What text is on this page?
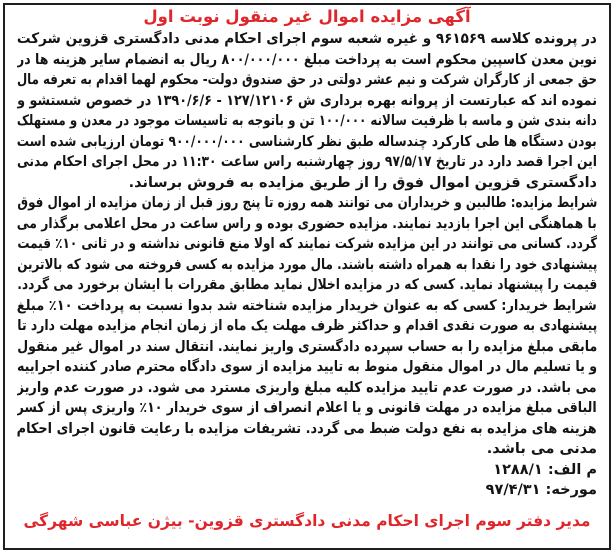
آگهی مزایده اموال غیر منقول نوبت اول
در پرونده کلاسه ۹۶۱۵۶۹ و غیره شعبه سوم اجرای احکام مدنی دادگستری قزوین شرکت
نوین معدن کاسپین محکوم است به پرداخت مبلغ ۸۰۰/۰۰۰/۰۰۰ ریال به انضمام سایر هزینه ها در
حق جمعی از کارگران شرکت و نیم عشر دولتی در حق صندوق دولت- محکوم لهما اقدام به تعرفه مال
نموده اند که عبارتست از پروانه بهره برداری ش ۱۲۷/۱۲۱۰۶ - ۱۳۹۰/۶/۶ در خصوص شستشو و
دانه بندی شن و ماسه با ظرفیت سالانه ۱۰۰/۰۰۰ تن و باتوجه به تاسیسات موجود در معدن و مستهلک
بودن دستگاه ها طی کارکرد چندساله طبق نظر کارشناسی ۹۰۰/۰۰۰/۰۰۰ تومان ارزیابی شده است
این اجرا قصد دارد در تاریخ ۹۷/۵/۱۷ روز چهارشنبه راس ساعت ۱۱:۳۰ در محل اجرای احکام مدنی
دادگستری قزوین اموال فوق را از طریق مزایده به فروش برساند.
شرایط مزایده: طالبین و خریداران می توانند همه روزه تا پنج روز قبل از زمان مزایده از اموال فوق
با هماهنگی این اجرا بازدید نمایند. مزایده حضوری بوده و راس ساعت در محل اعلامی برگذار می
گردد. کسانی می توانند در این مزایده شرکت نمایند که اولا منع قانونی نداشته و در ثانی ۱۰٪ قیمت
پیشنهادی خود را نقدا به همراه داشته باشند. مال مورد مزایده به کسی فروخته می شود که بالاترین
قیمت را پیشنهاد نماید. کسی که در مزایده اخلال نماید مطابق مقررات با ایشان برخورد می گردد.
شرایط خریدار: کسی که به عنوان خریدار مزایده شناخته شد بدوا نسبت به پرداخت ۱۰٪ مبلغ
پیشنهادی به صورت نقدی اقدام و حداکثر ظرف مهلت یک ماه از زمان انجام مزایده مهلت دارد تا
مابقی مبلغ مزایده را به حساب سپرده دادگستری واریز نمایند. انتقال سند در اموال غیر منقول
و یا تسلیم مال در اموال منقول منوط به تایید مزایده از سوی دادگاه محترم صادر کننده اجراییه
می باشد. در صورت عدم تایید مزایده کلیه مبلغ واریزی مسترد می شود. در صورت عدم واریز
الباقی مبلغ مزایده در مهلت قانونی و یا اعلام انصراف از سوی خریدار ۱۰٪ واریزی پس از کسر
هزینه های مزایده به نفع دولت ضبط می گردد. تشریفات مزایده با رعایت قانون اجرای احکام
مدنی می باشد.
م الف: ۱۲۸۸/۱
مورخه: ۹۷/۴/۳۱
مدیر دفتر سوم اجرای احکام مدنی دادگستری قزوین- بیژن عباسی شهرگی
